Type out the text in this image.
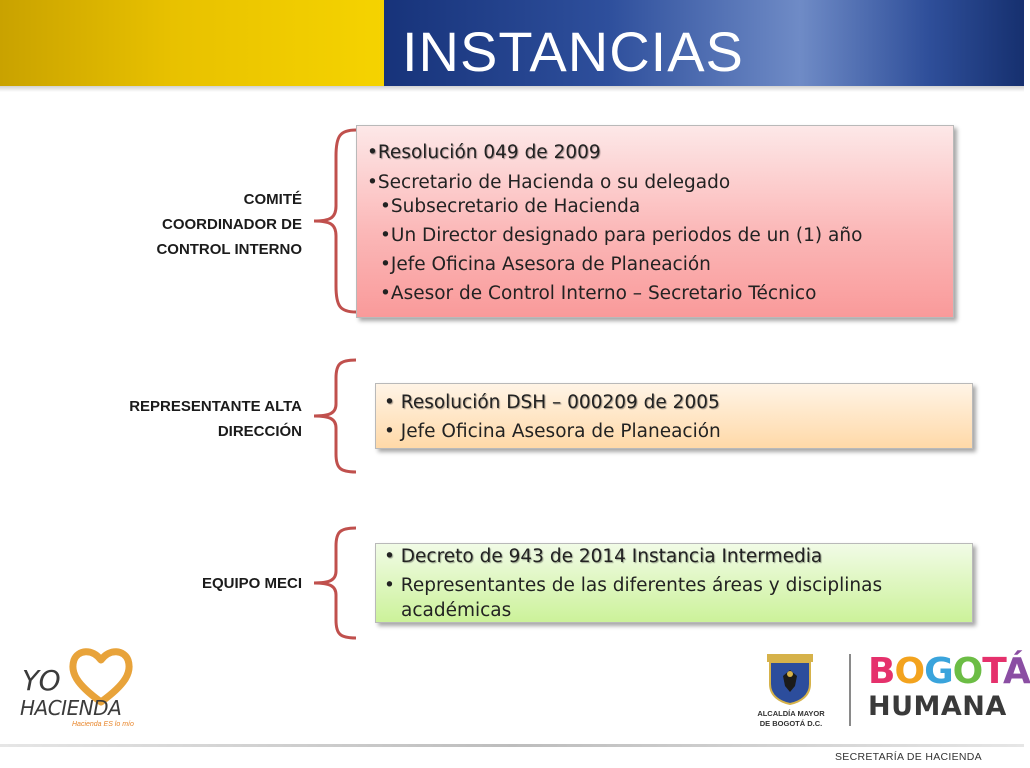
INSTANCIAS
COMITÉ
COORDINADOR DE
CONTROL INTERNO
•Resolución 049 de 2009
•Secretario de Hacienda o su delegado
•Subsecretario de Hacienda
•Un Director designado para periodos de un (1) año
•Jefe Oficina Asesora de Planeación
•Asesor de Control Interno – Secretario Técnico
REPRESENTANTE ALTA
DIRECCIÓN
• Resolución DSH – 000209 de 2005
• Jefe Oficina Asesora de Planeación
EQUIPO MECI
• Decreto de 943 de 2014 Instancia Intermedia
• Representantes de las diferentes áreas y disciplinas
académicas
YO
HACIENDA
Hacienda ES lo mío
ALCALDÍA MAYOR
DE BOGOTÁ D.C.
BOGOTÁ
HUMANA
SECRETARÍA DE HACIENDA
